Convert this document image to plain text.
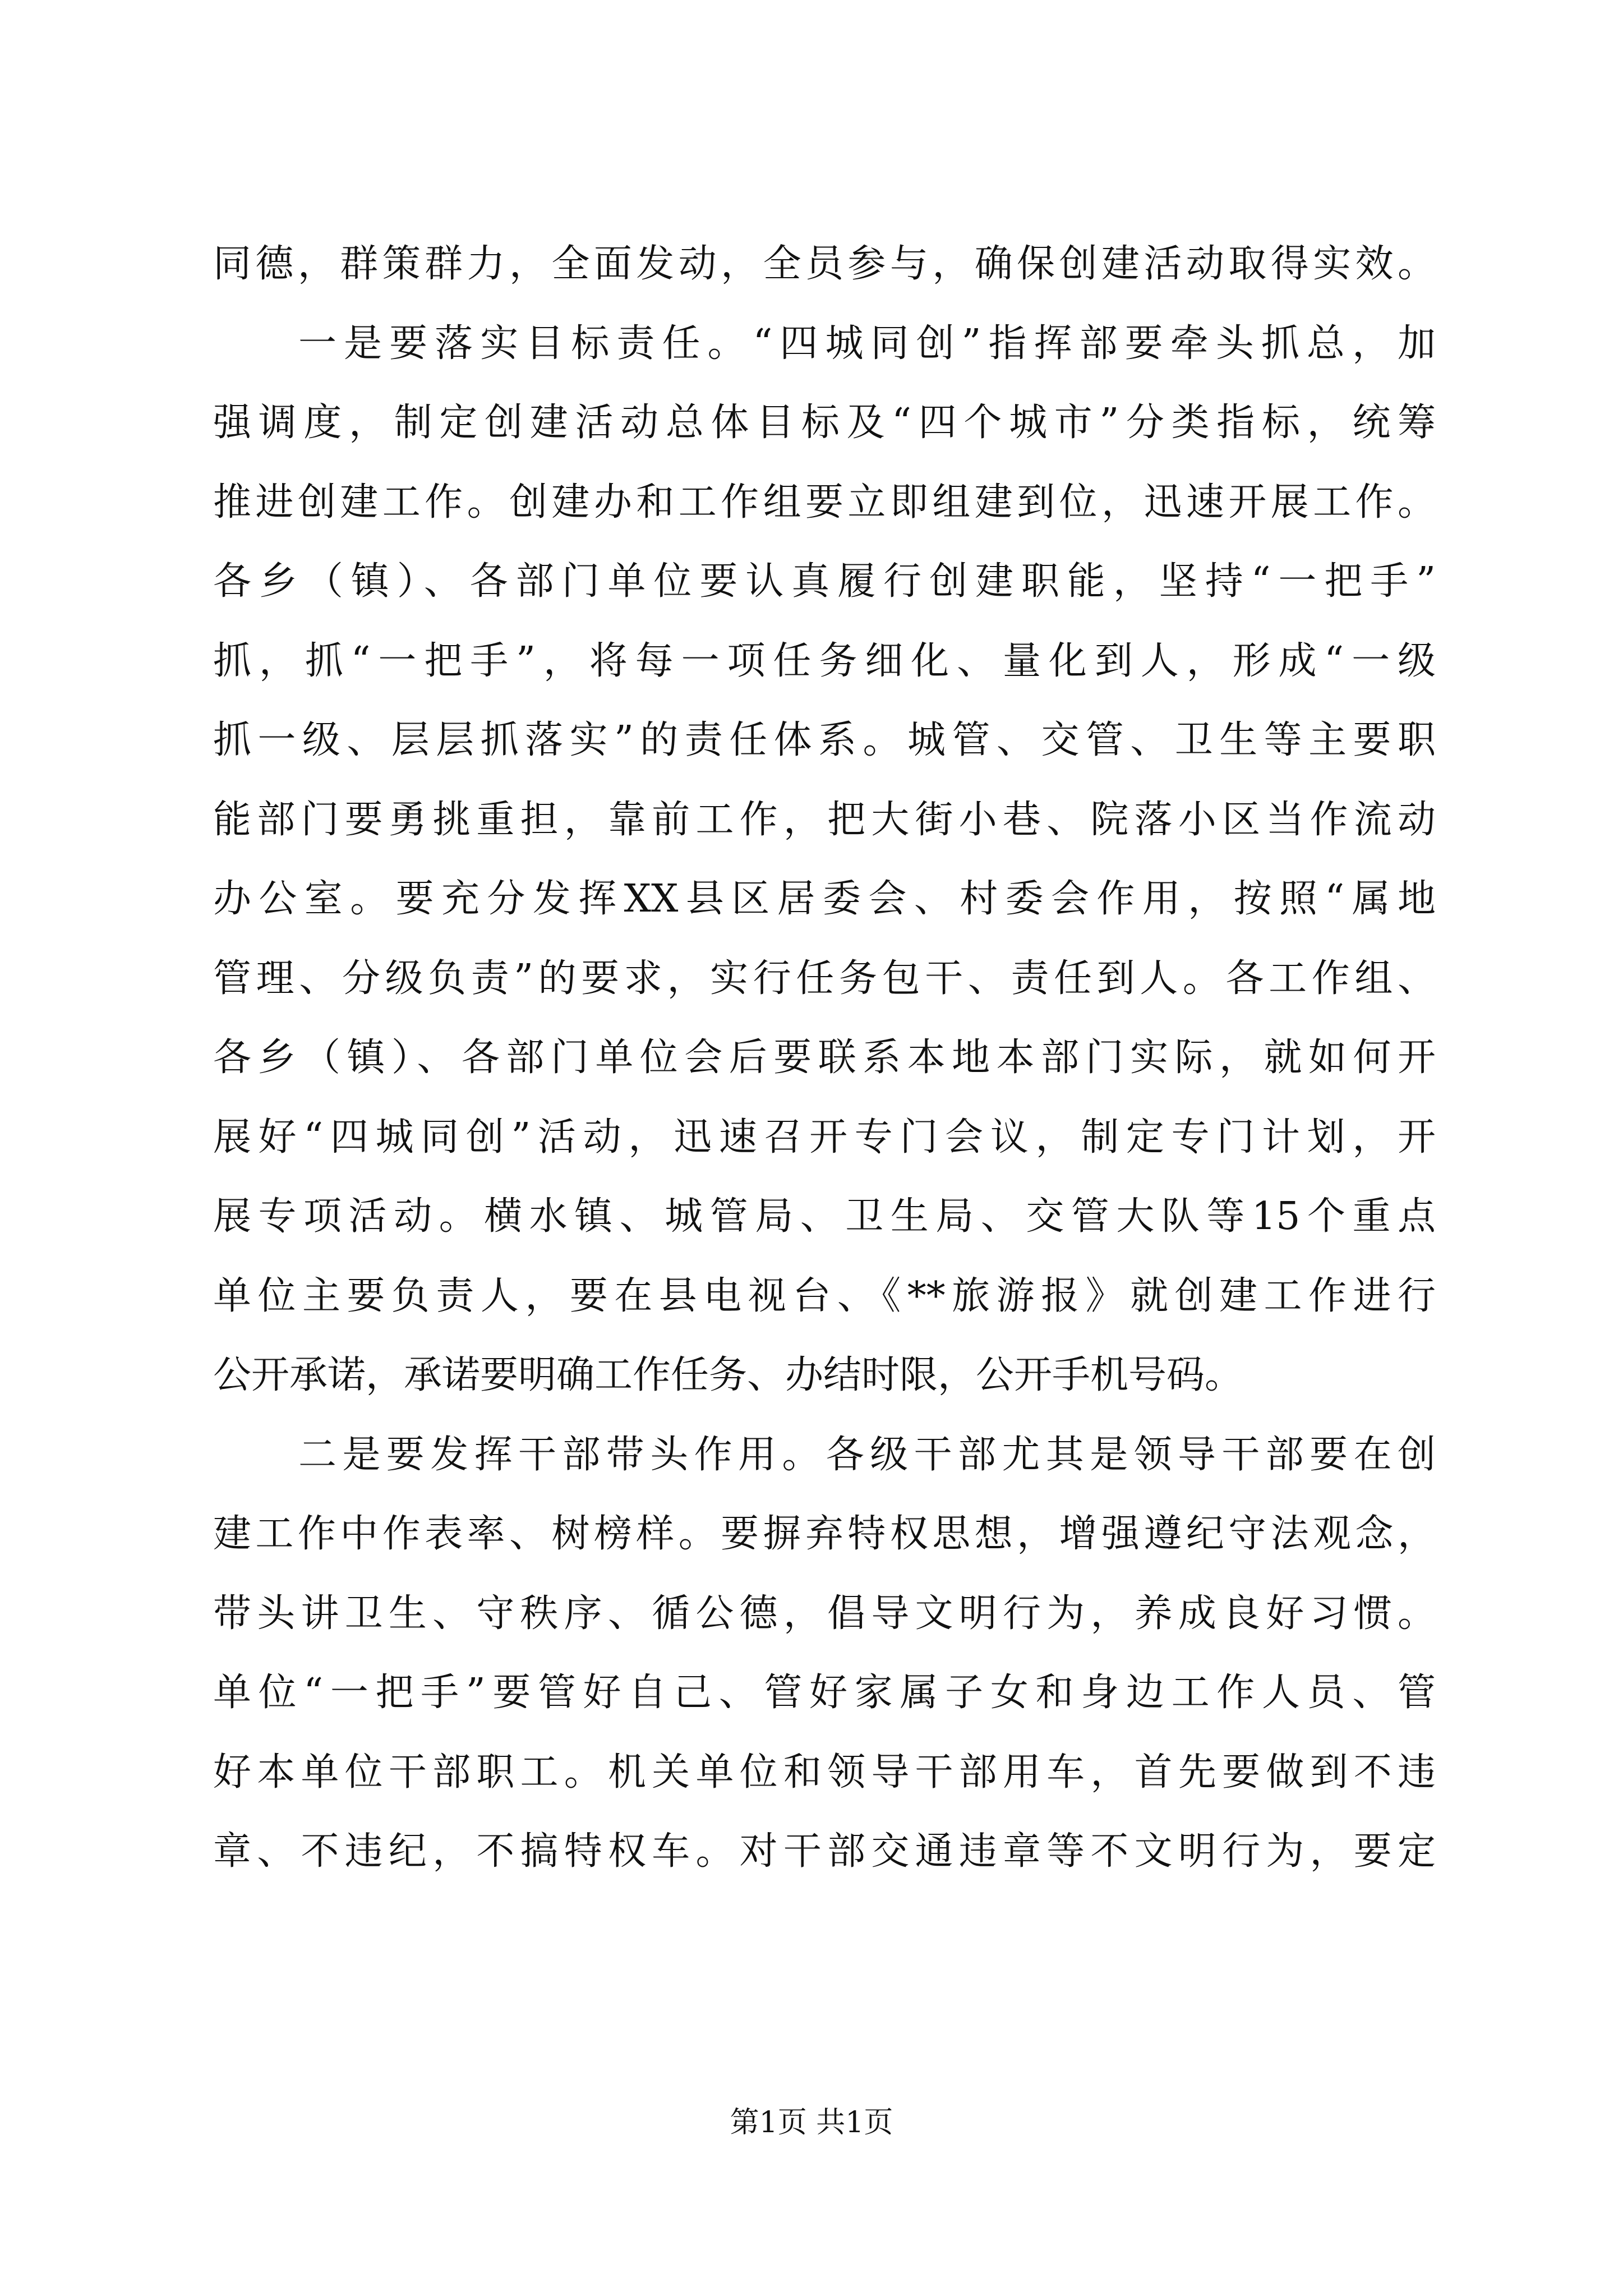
同德，群策群力，全面发动，全员参与，确保创建活动取得实效。
一是要落实目标责任。“四城同创”指挥部要牵头抓总，加
强调度，制定创建活动总体目标及“四个城市”分类指标，统筹
推进创建工作。创建办和工作组要立即组建到位，迅速开展工作。
各乡（镇）、各部门单位要认真履行创建职能，坚持“一把手”
抓，抓“一把手”，将每一项任务细化、量化到人，形成“一级
抓一级、层层抓落实”的责任体系。城管、交管、卫生等主要职
能部门要勇挑重担，靠前工作，把大街小巷、院落小区当作流动
办公室。要充分发挥XX县区居委会、村委会作用，按照“属地
管理、分级负责”的要求，实行任务包干、责任到人。各工作组、
各乡（镇）、各部门单位会后要联系本地本部门实际，就如何开
展好“四城同创”活动，迅速召开专门会议，制定专门计划，开
展专项活动。横水镇、城管局、卫生局、交管大队等15个重点
单位主要负责人，要在县电视台、《**旅游报》就创建工作进行
公开承诺，承诺要明确工作任务、办结时限，公开手机号码。
二是要发挥干部带头作用。各级干部尤其是领导干部要在创
建工作中作表率、树榜样。要摒弃特权思想，增强遵纪守法观念，
带头讲卫生、守秩序、循公德，倡导文明行为，养成良好习惯。
单位“一把手”要管好自己、管好家属子女和身边工作人员、管
好本单位干部职工。机关单位和领导干部用车，首先要做到不违
章、不违纪，不搞特权车。对干部交通违章等不文明行为，要定
第1页 共1页
